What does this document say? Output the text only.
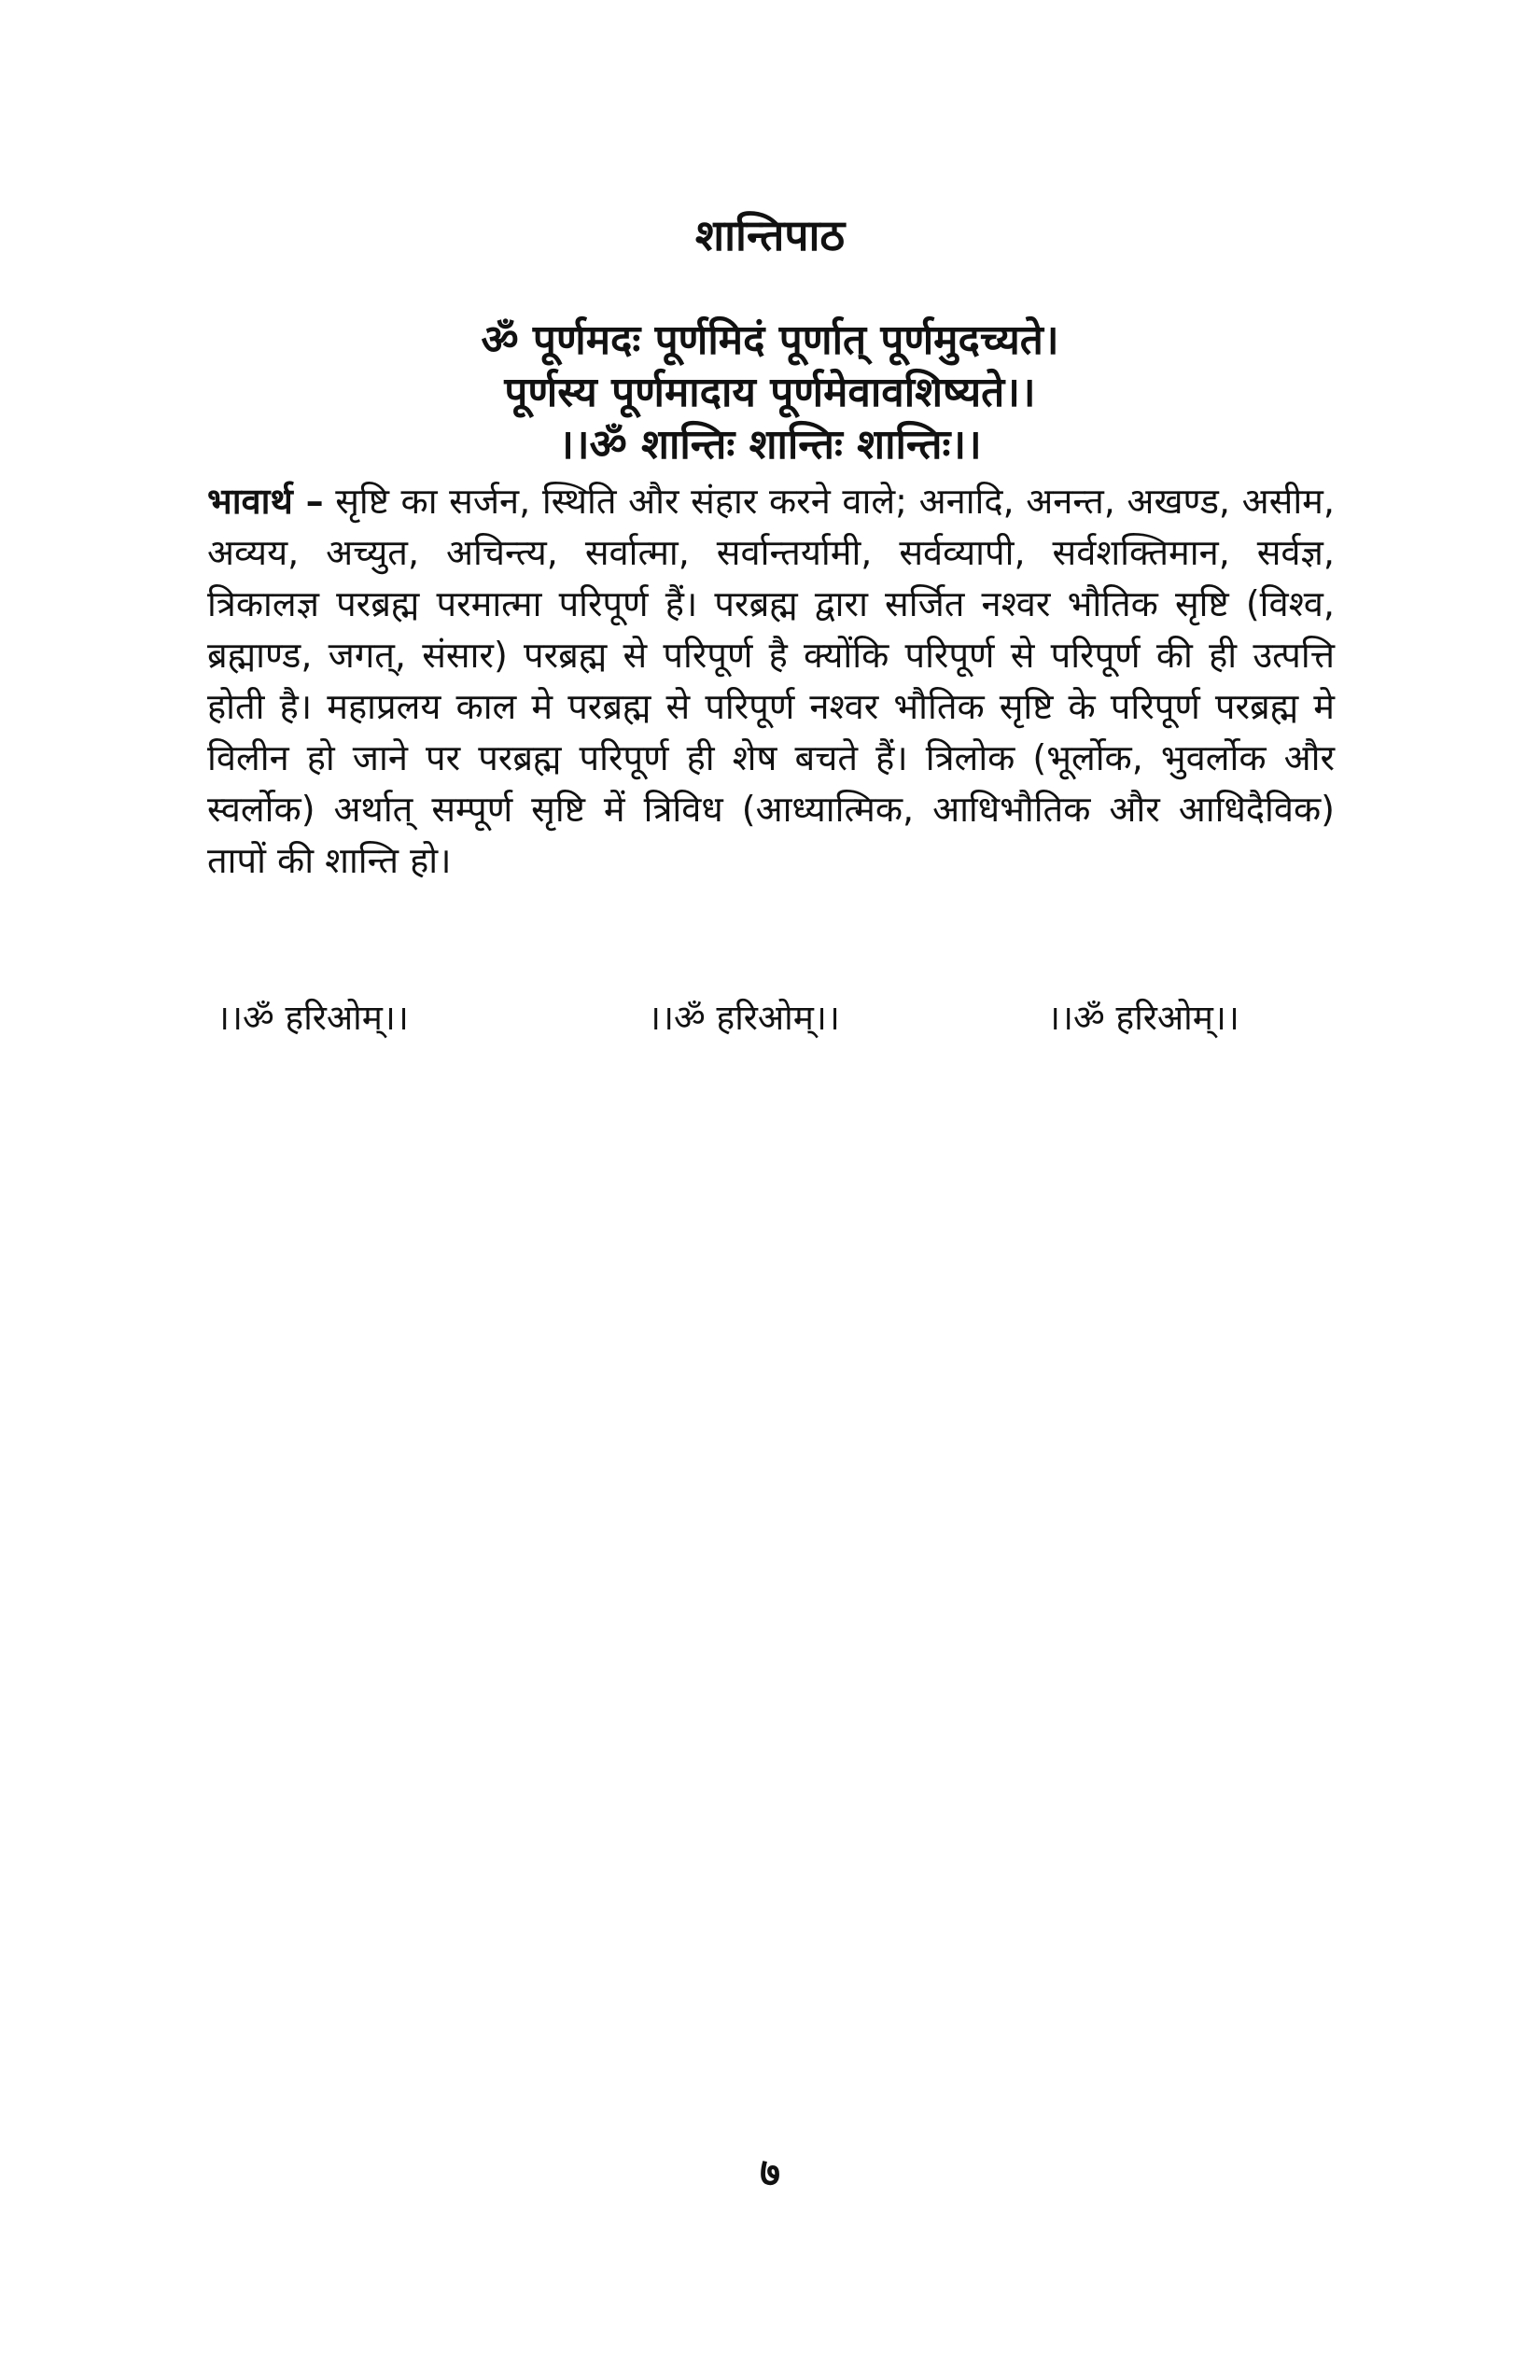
शान्तिपाठ
ॐ पूर्णमदः पूर्णमिदं पूर्णात् पूर्णमुदच्यते।
पूर्णस्य पूर्णमादाय पूर्णमेवावशिष्यते।।
।।ॐ शान्तिः शान्तिः शान्तिः।।
भावार्थ – सृष्टि का सर्जन, स्थिति और संहार करने वाले; अनादि, अनन्त, अखण्ड, असीम, अव्यय, अच्युत, अचिन्त्य, सर्वात्मा, सर्वान्तर्यामी, सर्वव्यापी, सर्वशक्तिमान, सर्वज्ञ, त्रिकालज्ञ परब्रह्म परमात्मा परिपूर्ण हैं। परब्रह्म द्वारा सर्जित नश्वर भौतिक सृष्टि (विश्व, ब्रह्माण्ड, जगत्, संसार) परब्रह्म से परिपूर्ण है क्योंकि परिपूर्ण से परिपूर्ण की ही उत्पत्ति होती है। महाप्रलय काल मे परब्रह्म से परिपूर्ण नश्वर भौतिक सृष्टि के परिपूर्ण परब्रह्म मे विलीन हो जाने पर परब्रह्म परिपूर्ण ही शेष बचते हैं। त्रिलोक (भूर्लोक, भुवर्लोक और स्वर्लोक) अर्थात् सम्पूर्ण सृष्टि में त्रिविध (आध्यात्मिक, आधिभौतिक और आधिदैविक) तापों की शान्ति हो।
।।ॐ हरिओम्।।	।।ॐ हरिओम्।।	।।ॐ हरिओम्।।
७
